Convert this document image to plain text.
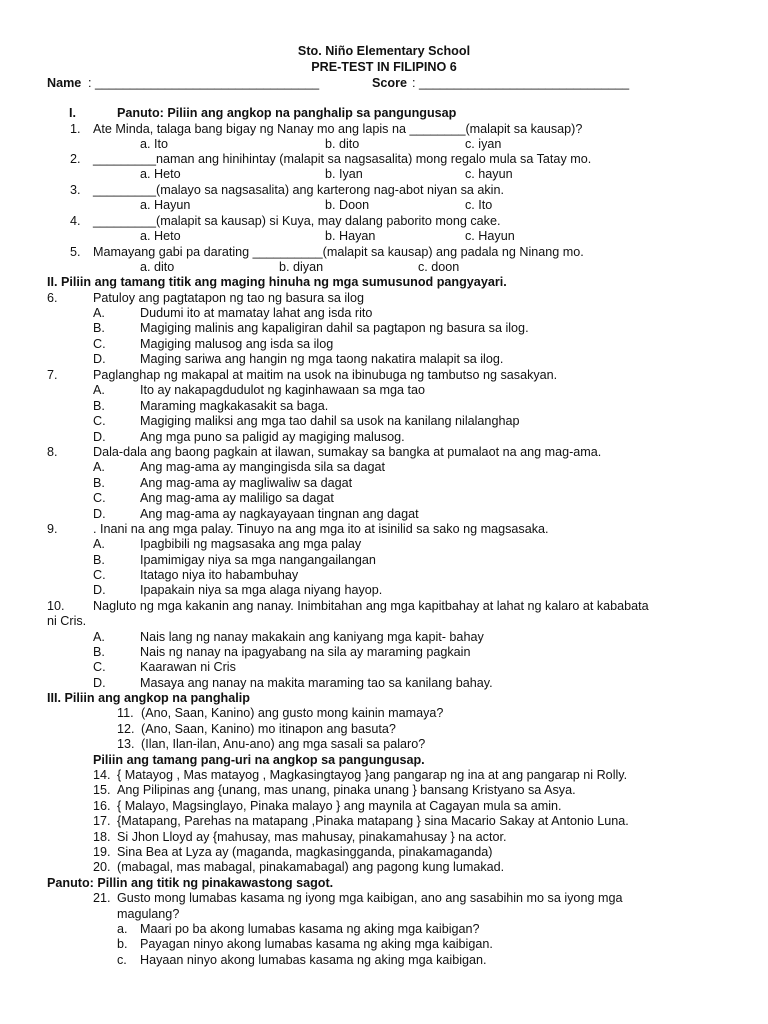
Sto. Niño Elementary School
PRE-TEST IN FILIPINO 6
Name : ________________________________	Score : ______________________________
I.	Panuto: Piliin ang angkop na panghalip sa pangungusap
1. Ate Minda, talaga bang bigay ng Nanay mo ang lapis na ________(malapit sa kausap)?
a. Ito	b. dito	c. iyan
2. _________naman ang hinihintay (malapit sa nagsasalita) mong regalo mula sa Tatay mo.
a. Heto	b. Iyan	c. hayun
3. _________(malayo sa nagsasalita) ang karterong nag-abot niyan sa akin.
a. Hayun	b. Doon	c. Ito
4. _________(malapit sa kausap) si Kuya, may dalang paborito mong cake.
a. Heto	b. Hayan	c. Hayun
5. Mamayang gabi pa darating __________(malapit sa kausap) ang padala ng Ninang mo.
a. dito	b. diyan	c. doon
II. Piliin ang tamang titik ang maging hinuha ng mga sumusunod pangyayari.
6.	Patuloy ang pagtatapon ng tao ng basura sa ilog
A.	Dudumi ito at mamatay lahat ang isda rito
B.	Magiging malinis ang kapaligiran dahil sa pagtapon ng basura sa ilog.
C.	Magiging malusog ang isda sa ilog
D.	Maging sariwa ang hangin ng mga taong nakatira malapit sa ilog.
7.	Paglanghap ng makapal at maitim na usok na ibinubuga ng tambutso ng sasakyan.
A.	Ito ay nakapagdudulot ng kaginhawaan sa mga tao
B.	Maraming magkakasakit sa baga.
C.	Magiging maliksi ang mga tao dahil sa usok na kanilang nilalanghap
D.	Ang mga puno sa paligid ay magiging malusog.
8.	Dala-dala ang baong pagkain at ilawan, sumakay sa bangka at pumalaot na ang mag-ama.
A.	Ang mag-ama ay mangingisda sila sa dagat
B.	Ang mag-ama ay magliwaliw sa dagat
C.	Ang mag-ama ay maliligo sa dagat
D.	Ang mag-ama ay nagkayayaan tingnan ang dagat
9.	. Inani na ang mga palay. Tinuyo na ang mga ito at isinilid sa sako ng magsasaka.
A.	Ipagbibili ng magsasaka ang mga palay
B.	Ipamimigay niya sa mga nangangailangan
C.	Itatago niya ito habambuhay
D.	Ipapakain niya sa mga alaga niyang hayop.
10. Nagluto ng mga kakanin ang nanay. Inimbitahan ang mga kapitbahay at lahat ng kalaro at kababata
ni Cris.
A.	Nais lang ng nanay makakain ang kaniyang mga kapit- bahay
B.	Nais ng nanay na ipagyabang na sila ay maraming pagkain
C.	Kaarawan ni Cris
D.	Masaya ang nanay na makita maraming tao sa kanilang bahay.
III. Piliin ang angkop na panghalip
11. (Ano, Saan, Kanino) ang gusto mong kainin mamaya?
12. (Ano, Saan, Kanino) mo itinapon ang basuta?
13. (Ilan, Ilan-ilan, Anu-ano) ang mga sasali sa palaro?
Piliin ang tamang pang-uri na angkop sa pangungusap.
14. { Matayog , Mas matayog , Magkasingtayog }ang pangarap ng ina at ang pangarap ni Rolly.
15. Ang Pilipinas ang {unang, mas unang, pinaka unang } bansang Kristyano sa Asya.
16. { Malayo, Magsinglayo, Pinaka malayo } ang maynila at Cagayan mula sa amin.
17. {Matapang, Parehas na matapang ,Pinaka matapang } sina Macario Sakay at Antonio Luna.
18. Si Jhon Lloyd ay {mahusay, mas mahusay, pinakamahusay } na actor.
19. Sina Bea at Lyza ay (maganda, magkasingganda, pinakamaganda)
20. (mabagal, mas mabagal, pinakamabagal) ang pagong kung lumakad.
Panuto: Pillin ang titik ng pinakawastong sagot.
21. Gusto mong lumabas kasama ng iyong mga kaibigan, ano ang sasabihin mo sa iyong mga
magulang?
a. Maari po ba akong lumabas kasama ng aking mga kaibigan?
b. Payagan ninyo akong lumabas kasama ng aking mga kaibigan.
c. Hayaan ninyo akong lumabas kasama ng aking mga kaibigan.
